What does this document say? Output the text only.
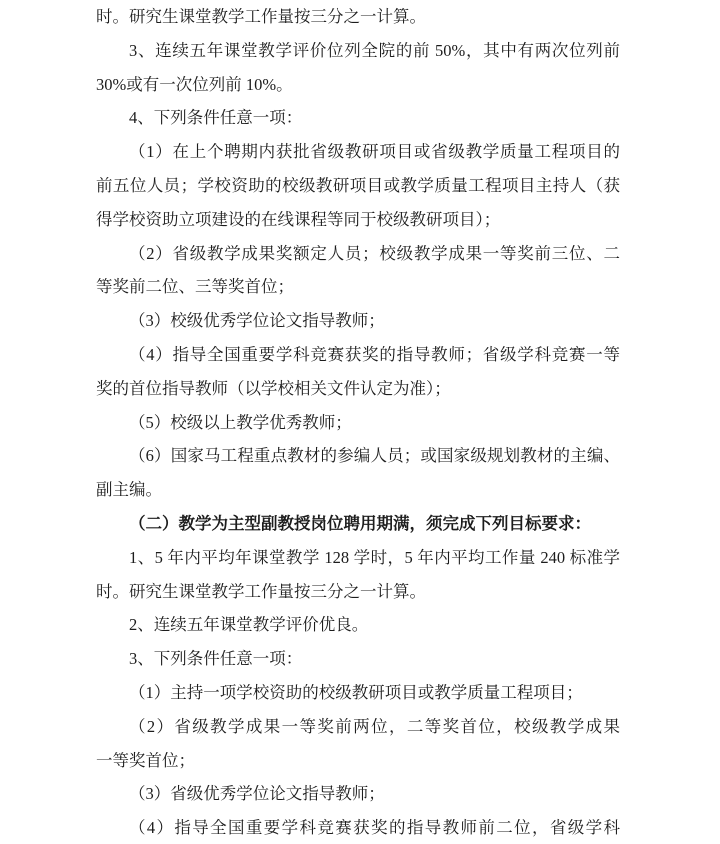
时。研究生课堂教学工作量按三分之一计算。
3、连续五年课堂教学评价位列全院的前 50%，其中有两次位列前
30%或有一次位列前 10%。
4、下列条件任意一项：
（1）在上个聘期内获批省级教研项目或省级教学质量工程项目的
前五位人员；学校资助的校级教研项目或教学质量工程项目主持人（获
得学校资助立项建设的在线课程等同于校级教研项目）；
（2）省级教学成果奖额定人员；校级教学成果一等奖前三位、二
等奖前二位、三等奖首位；
（3）校级优秀学位论文指导教师；
（4）指导全国重要学科竞赛获奖的指导教师；省级学科竞赛一等
奖的首位指导教师（以学校相关文件认定为准）；
（5）校级以上教学优秀教师；
（6）国家马工程重点教材的参编人员；或国家级规划教材的主编、
副主编。
（二）教学为主型副教授岗位聘用期满，须完成下列目标要求：
1、5 年内平均年课堂教学 128 学时，5 年内平均工作量 240 标准学
时。研究生课堂教学工作量按三分之一计算。
2、连续五年课堂教学评价优良。
3、下列条件任意一项：
（1）主持一项学校资助的校级教研项目或教学质量工程项目；
（2）省级教学成果一等奖前两位，二等奖首位，校级教学成果
一等奖首位；
（3）省级优秀学位论文指导教师；
（4）指导全国重要学科竞赛获奖的指导教师前二位，省级学科
